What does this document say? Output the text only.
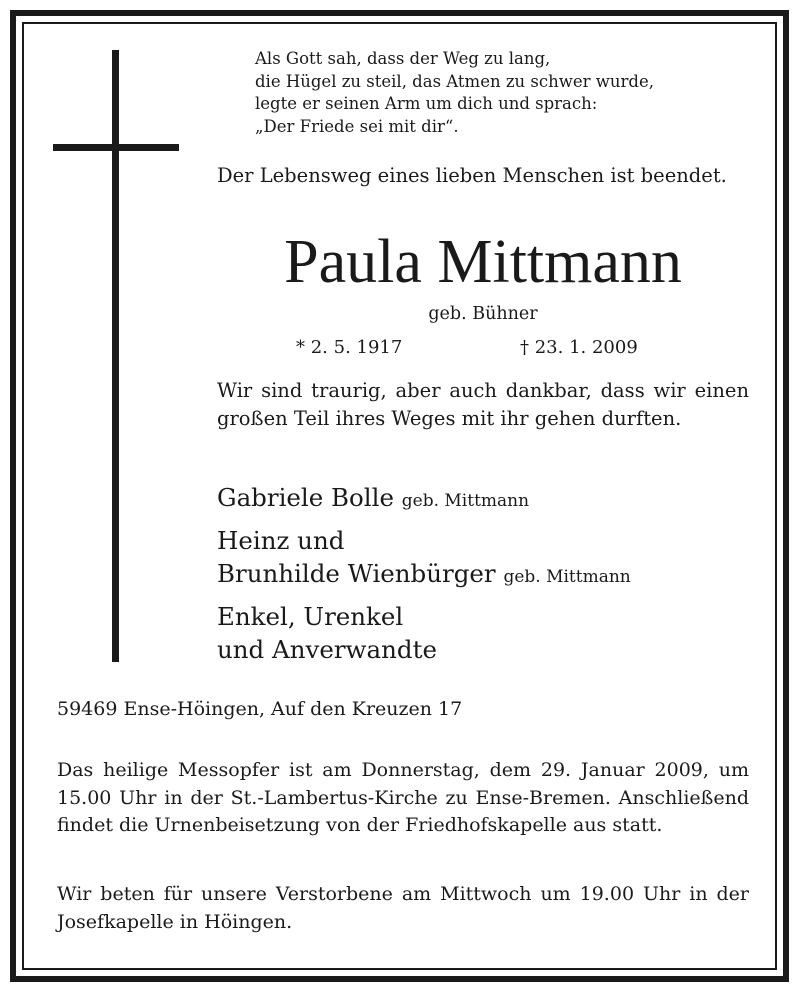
Als Gott sah, dass der Weg zu lang,
die Hügel zu steil, das Atmen zu schwer wurde,
legte er seinen Arm um dich und sprach:
„Der Friede sei mit dir“.
Der Lebensweg eines lieben Menschen ist beendet.
Paula Mittmann
geb. Bühner
* 2. 5. 1917	† 23. 1. 2009
Wir sind traurig, aber auch dankbar, dass wir einen großen Teil ihres Weges mit ihr gehen durften.
Gabriele Bolle geb. Mittmann
Heinz und
Brunhilde Wienbürger geb. Mittmann
Enkel, Urenkel
und Anverwandte
59469 Ense-Höingen, Auf den Kreuzen 17
Das heilige Messopfer ist am Donnerstag, dem 29. Januar 2009, um 15.00 Uhr in der St.-Lambertus-Kirche zu Ense-Bremen. Anschließend findet die Urnenbeisetzung von der Friedhofskapelle aus statt.
Wir beten für unsere Verstorbene am Mittwoch um 19.00 Uhr in der Josefkapelle in Höingen.
